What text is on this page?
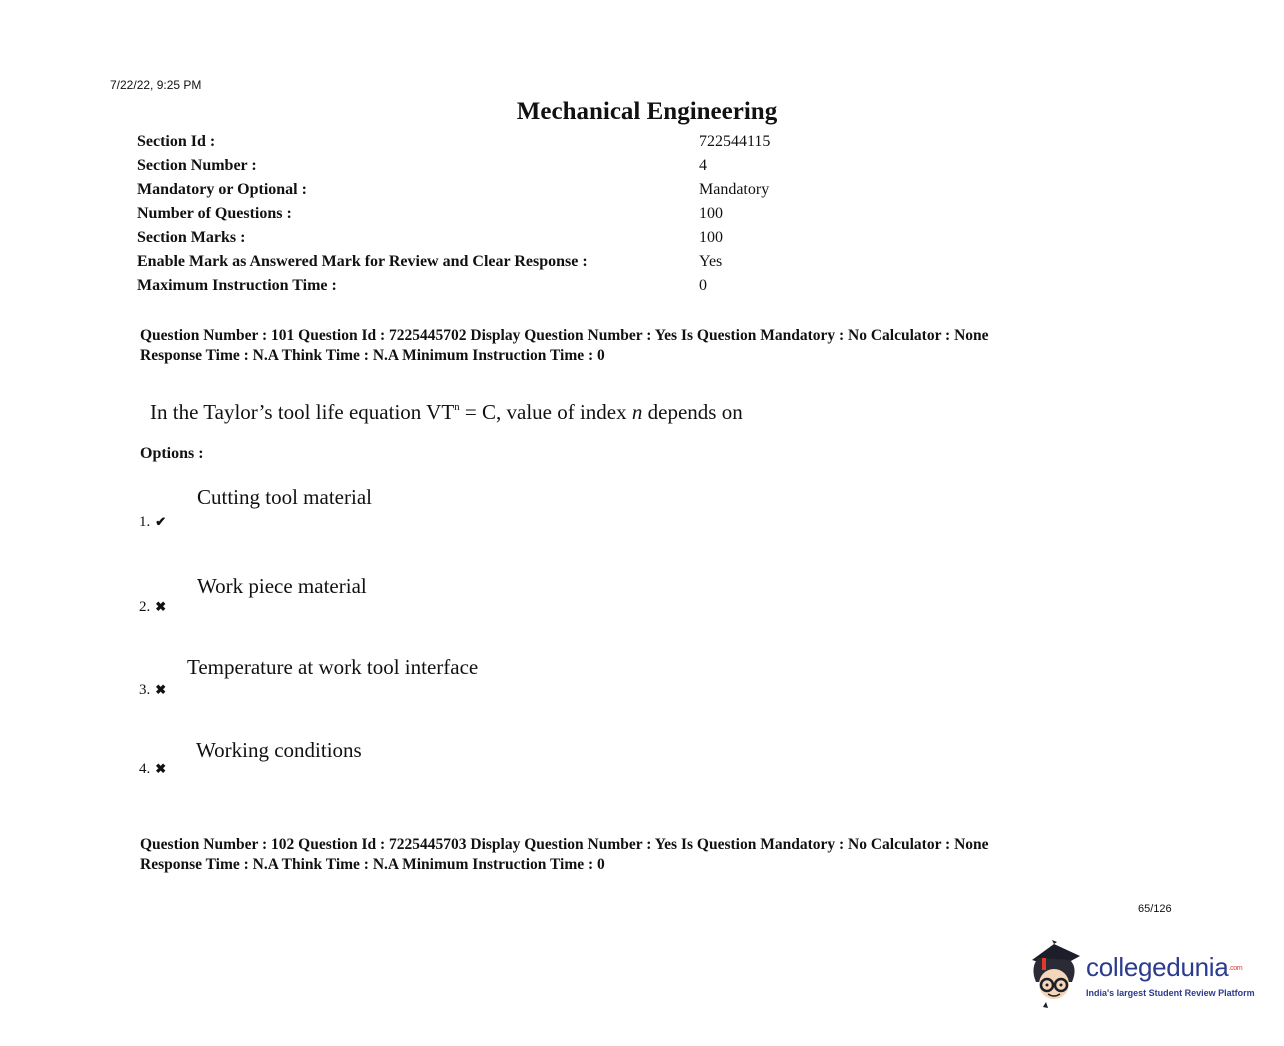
7/22/22, 9:25 PM
Mechanical Engineering
Section Id :	722544115
Section Number :	4
Mandatory or Optional :	Mandatory
Number of Questions :	100
Section Marks :	100
Enable Mark as Answered Mark for Review and Clear Response :	Yes
Maximum Instruction Time :	0
Question Number : 101 Question Id : 7225445702 Display Question Number : Yes Is Question Mandatory : No Calculator : None
Response Time : N.A Think Time : N.A Minimum Instruction Time : 0
In the Taylor’s tool life equation $VT^n = C$, value of index n depends on
Options :
Cutting tool material
1. ✔
Work piece material
2. ✖
Temperature at work tool interface
3. ✖
Working conditions
4. ✖
Question Number : 102 Question Id : 7225445703 Display Question Number : Yes Is Question Mandatory : No Calculator : None
Response Time : N.A Think Time : N.A Minimum Instruction Time : 0
65/126
collegedunia$^{.com}$
India's largest Student Review Platform
